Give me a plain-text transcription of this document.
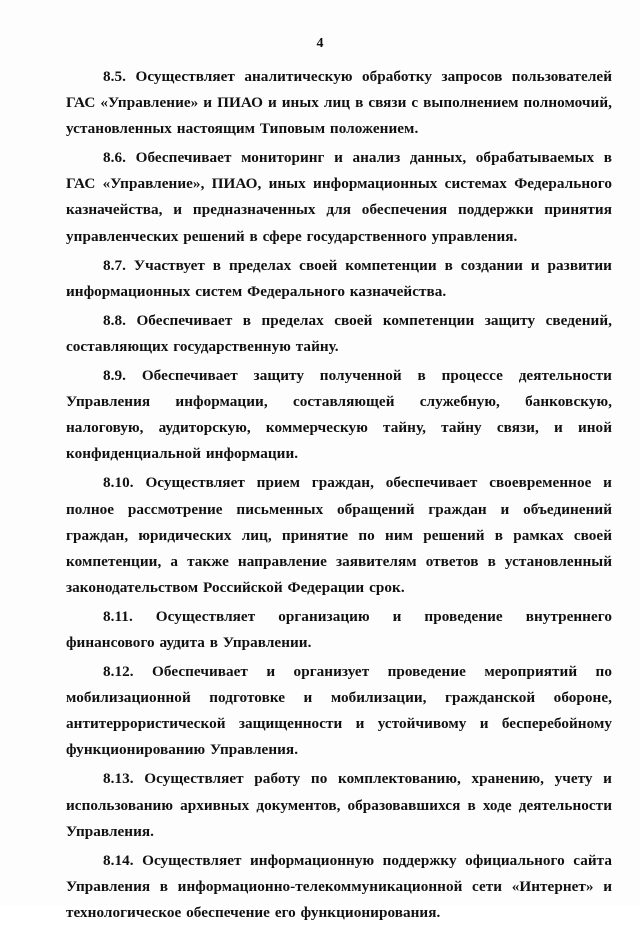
4

8.5. Осуществляет аналитическую обработку запросов пользователей ГАС «Управление» и ПИАО и иных лиц в связи с выполнением полномочий, установленных настоящим Типовым положением.

8.6. Обеспечивает мониторинг и анализ данных, обрабатываемых в ГАС «Управление», ПИАО, иных информационных системах Федерального казначейства, и предназначенных для обеспечения поддержки принятия управленческих решений в сфере государственного управления.

8.7. Участвует в пределах своей компетенции в создании и развитии информационных систем Федерального казначейства.

8.8. Обеспечивает в пределах своей компетенции защиту сведений, составляющих государственную тайну.

8.9. Обеспечивает защиту полученной в процессе деятельности Управления информации, составляющей служебную, банковскую, налоговую, аудиторскую, коммерческую тайну, тайну связи, и иной конфиденциальной информации.

8.10. Осуществляет прием граждан, обеспечивает своевременное и полное рассмотрение письменных обращений граждан и объединений граждан, юридических лиц, принятие по ним решений в рамках своей компетенции, а также направление заявителям ответов в установленный законодательством Российской Федерации срок.

8.11. Осуществляет организацию и проведение внутреннего финансового аудита в Управлении.

8.12. Обеспечивает и организует проведение мероприятий по мобилизационной подготовке и мобилизации, гражданской обороне, антитеррористической защищенности и устойчивому и бесперебойному функционированию Управления.

8.13. Осуществляет работу по комплектованию, хранению, учету и использованию архивных документов, образовавшихся в ходе деятельности Управления.

8.14. Осуществляет информационную поддержку официального сайта Управления в информационно-телекоммуникационной сети «Интернет» и технологическое обеспечение его функционирования.
